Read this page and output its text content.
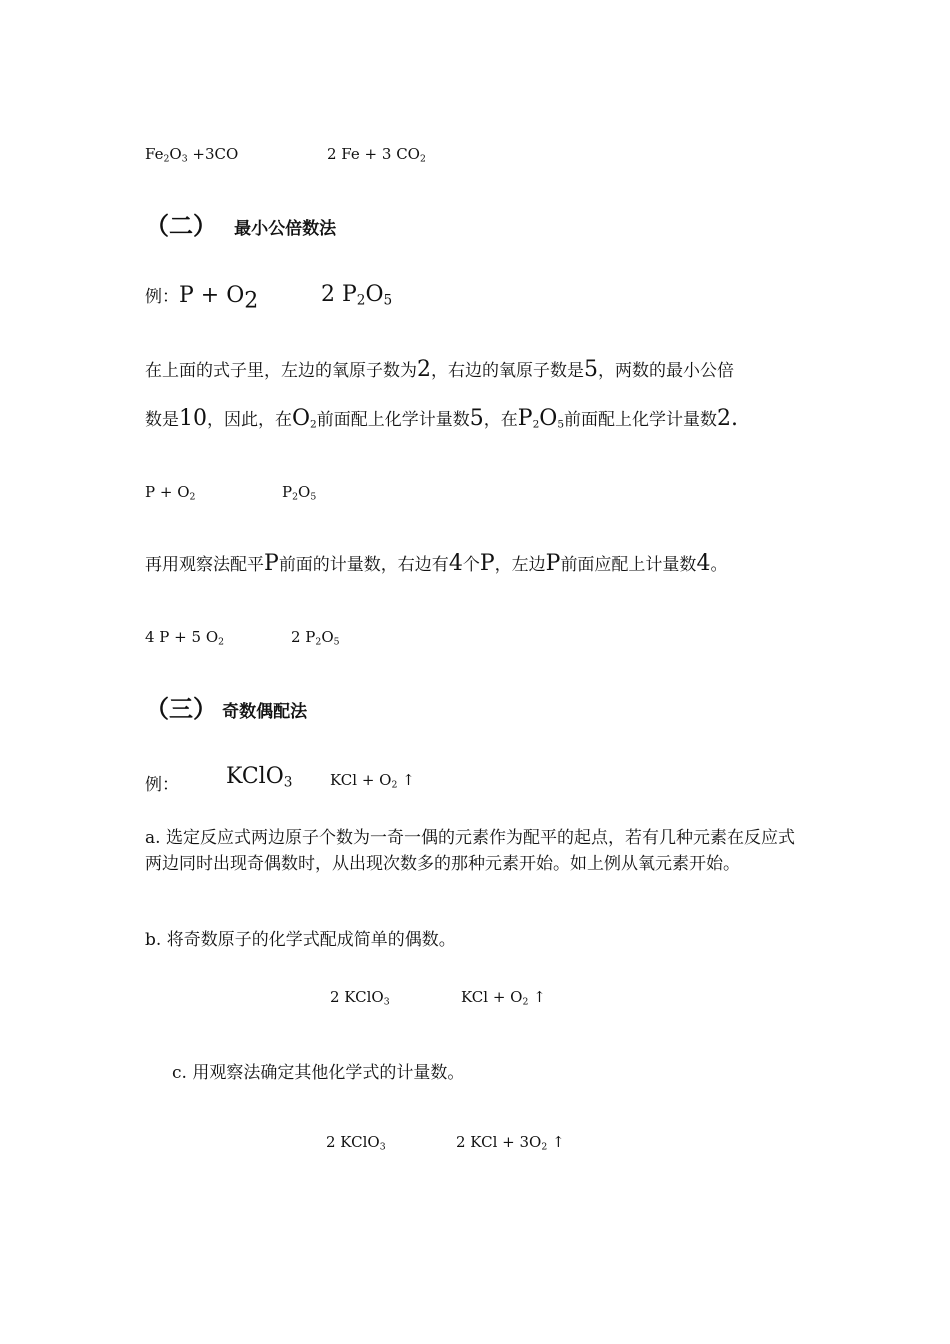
$Fe_2O_3 +3CO$	2 Fe + 3 $CO_2$
（二） 最小公倍数法
例：$P + O_2$	2 $P_2O_5$
在上面的式子里，左边的氧原子数为2，右边的氧原子数是5，两数的最小公倍
数是10，因此，在$O_2$前面配上化学计量数5，在$P_2O_5$前面配上化学计量数2.
$P + O_2$	$P_2O_5$
再用观察法配平P前面的计量数，右边有4个P，左边P前面应配上计量数4。
4 P + 5 $O_2$	2 $P_2O_5$
（三） 奇数偶配法
例： KClO$_3$	KCl + $O_2$ ↑
a. 选定反应式两边原子个数为一奇一偶的元素作为配平的起点，若有几种元素在反应式两边同时出现奇偶数时，从出现次数多的那种元素开始。如上例从氧元素开始。
b. 将奇数原子的化学式配成简单的偶数。
2 KClO$_3$	KCl + $O_2$ ↑
c. 用观察法确定其他化学式的计量数。
2 KClO$_3$	2 KCl + $3O_2$ ↑
